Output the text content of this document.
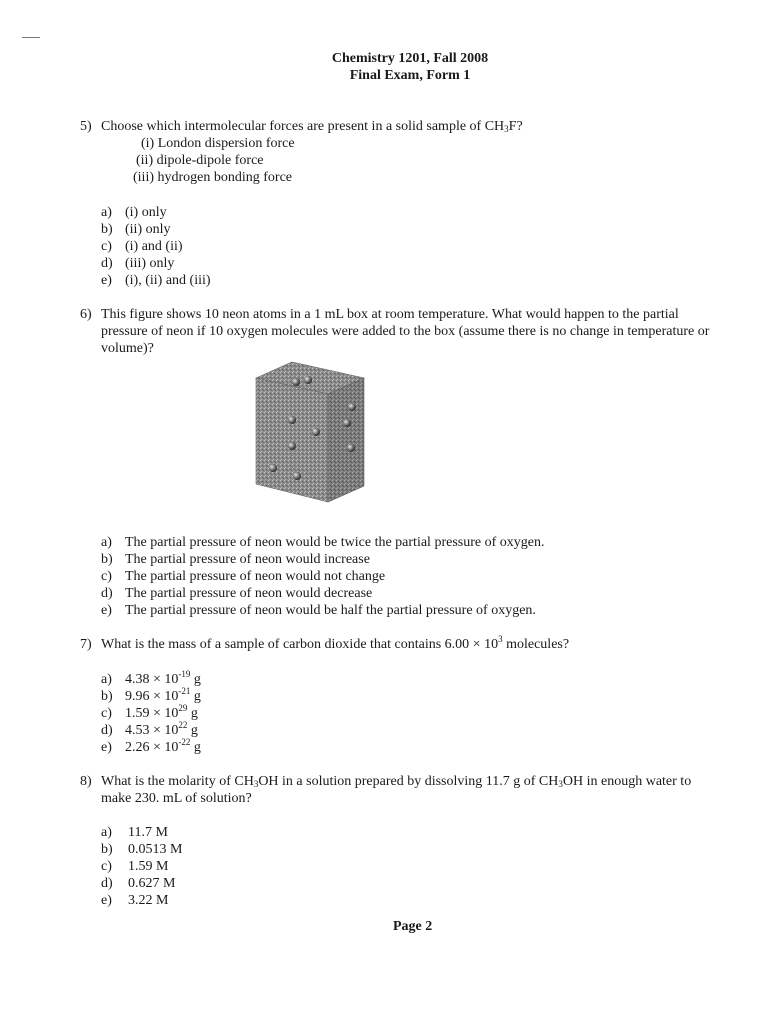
Chemistry 1201, Fall 2008
Final Exam, Form 1
5) Choose which intermolecular forces are present in a solid sample of $CH_3F$?
(i) London dispersion force
(ii) dipole-dipole force
(iii) hydrogen bonding force
a) (i) only
b) (ii) only
c) (i) and (ii)
d) (iii) only
e) (i), (ii) and (iii)
6) This figure shows 10 neon atoms in a 1 mL box at room temperature. What would happen to the partial
pressure of neon if 10 oxygen molecules were added to the box (assume there is no change in temperature or
volume)?
a) The partial pressure of neon would be twice the partial pressure of oxygen.
b) The partial pressure of neon would increase
c) The partial pressure of neon would not change
d) The partial pressure of neon would decrease
e) The partial pressure of neon would be half the partial pressure of oxygen.
7) What is the mass of a sample of carbon dioxide that contains $6.00 \times 10^3$ molecules?
a) $4.38 \times 10^{-19}$ g
b) $9.96 \times 10^{-21}$ g
c) $1.59 \times 10^{29}$ g
d) $4.53 \times 10^{22}$ g
e) $2.26 \times 10^{-22}$ g
8) What is the molarity of $CH_3OH$ in a solution prepared by dissolving 11.7 g of $CH_3OH$ in enough water to
make 230. mL of solution?
a) 11.7 M
b) 0.0513 M
c) 1.59 M
d) 0.627 M
e) 3.22 M
Page 2
